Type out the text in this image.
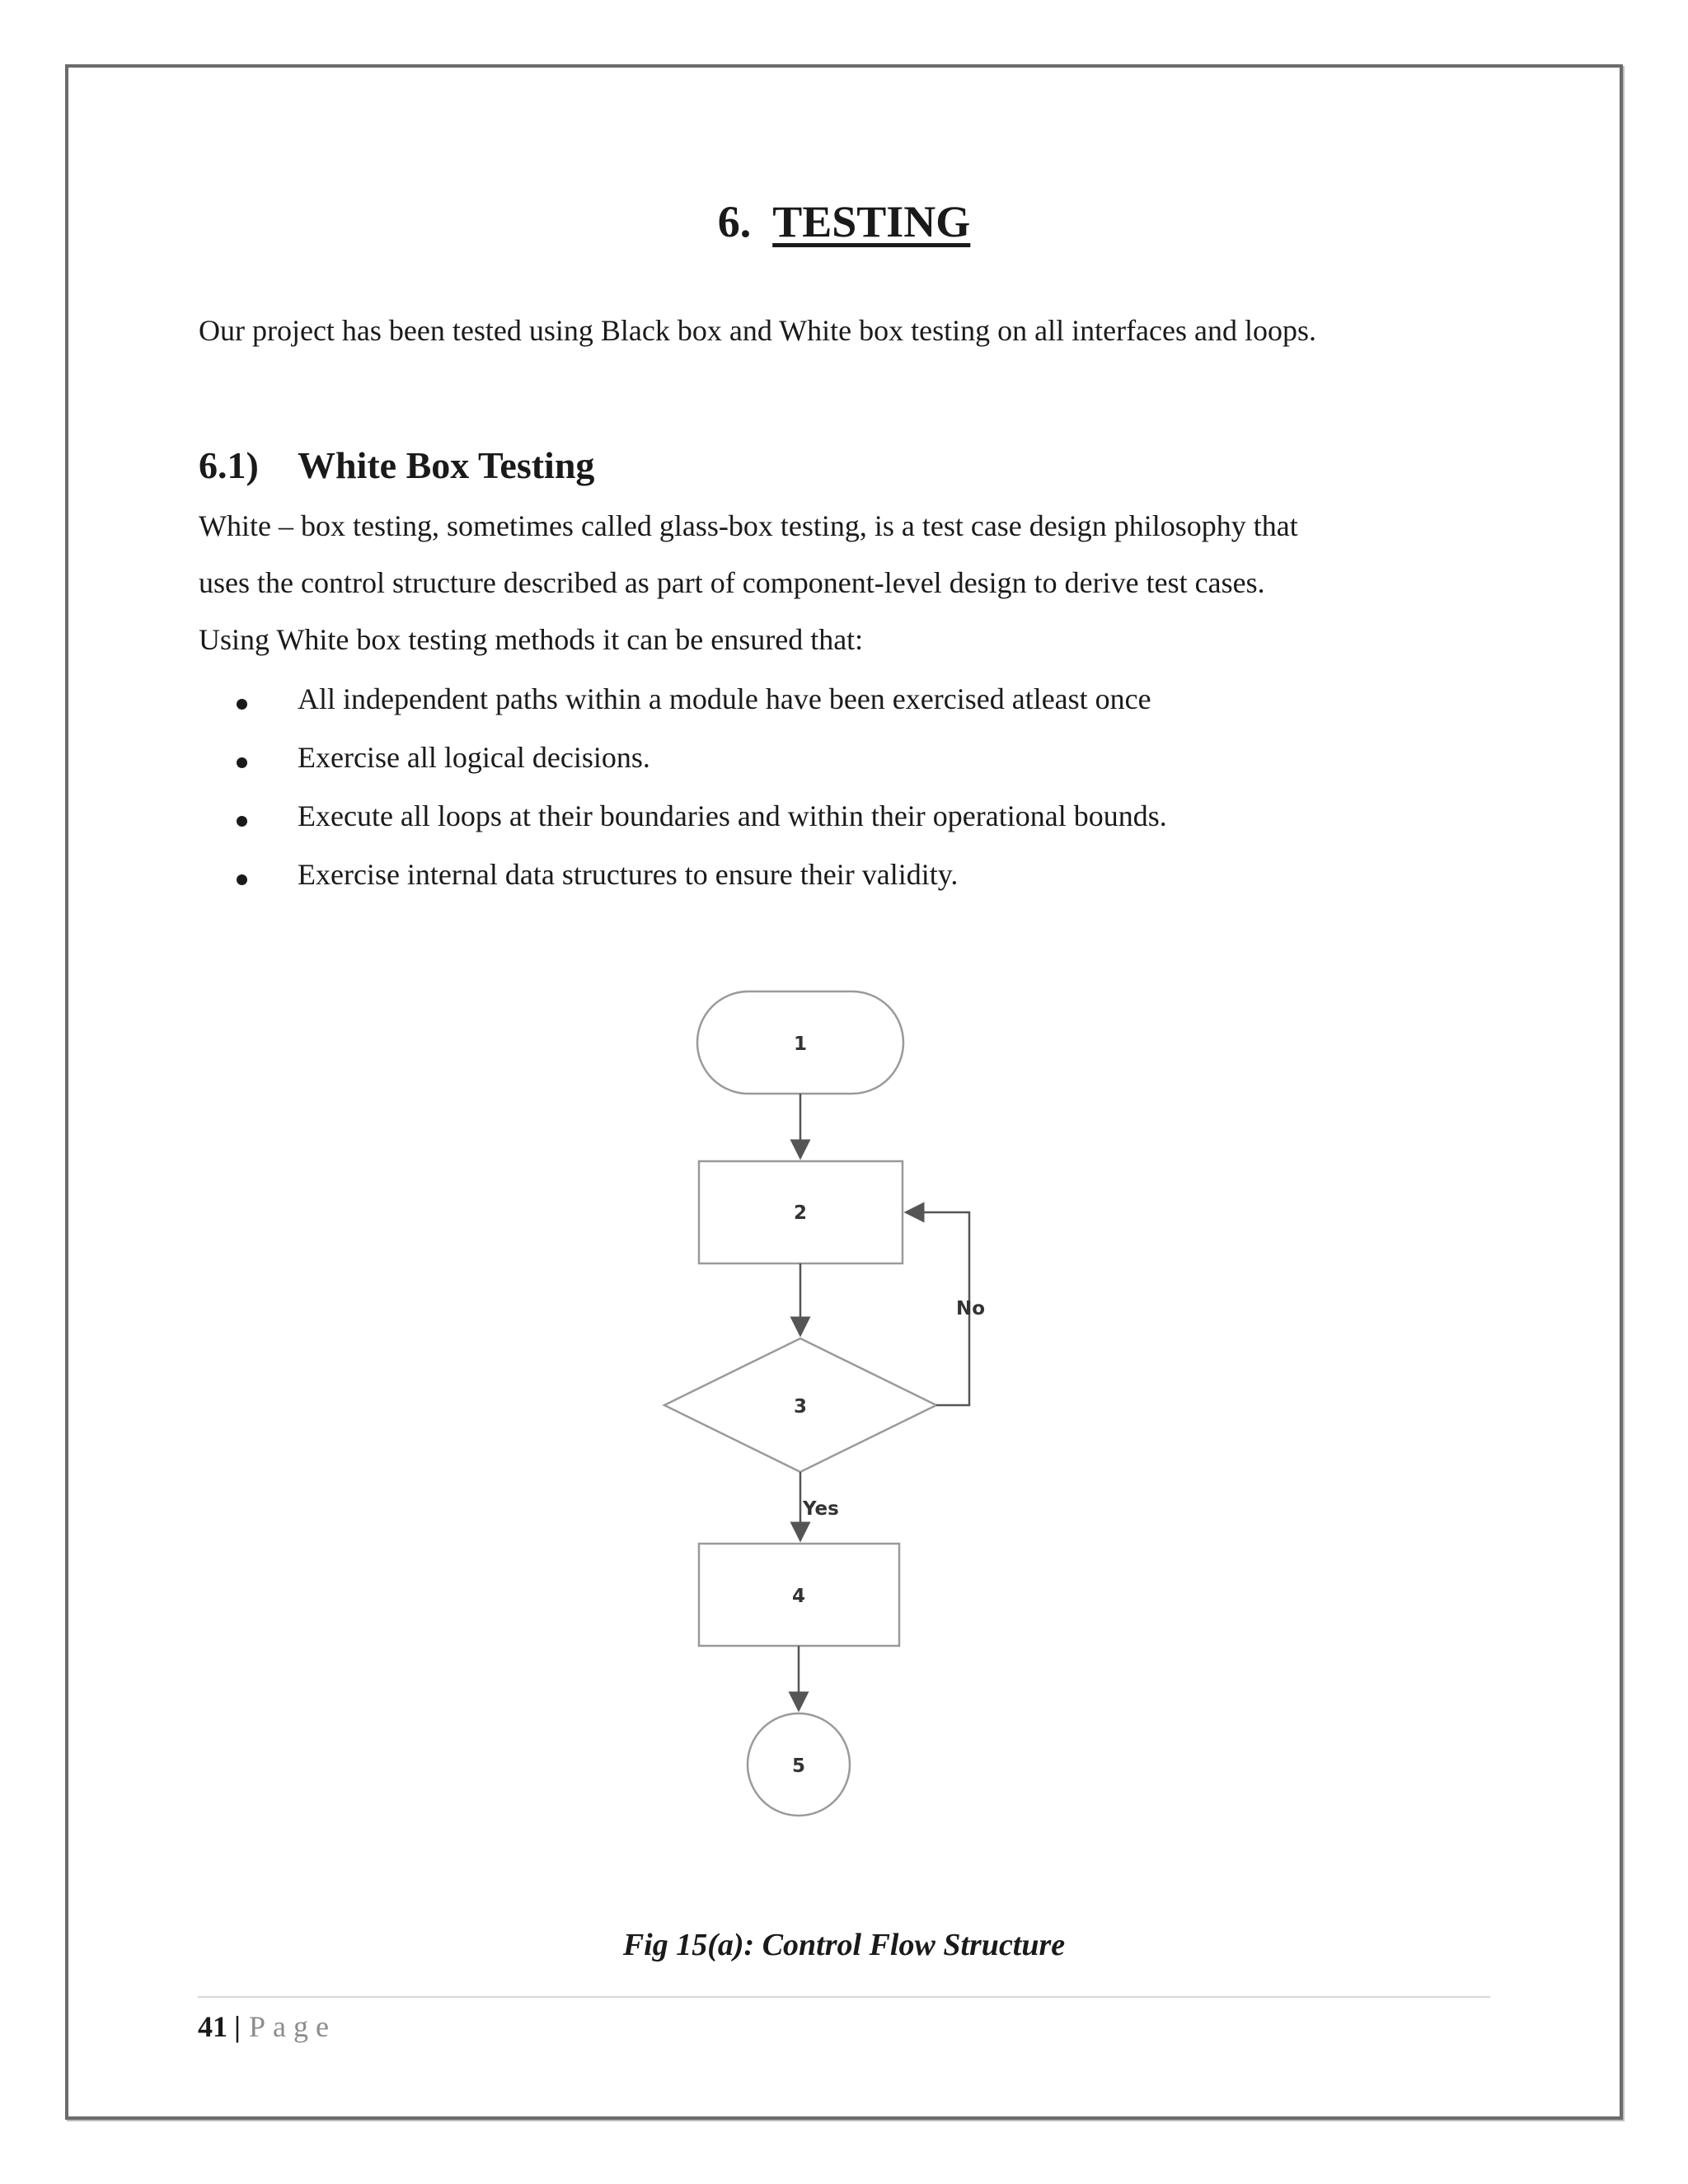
6. TESTING

Our project has been tested using Black box and White box testing on all interfaces and loops.

6.1) White Box Testing

White – box testing, sometimes called glass-box testing, is a test case design philosophy that

uses the control structure described as part of component-level design to derive test cases.

Using White box testing methods it can be ensured that:

All independent paths within a module have been exercised atleast once
Exercise all logical decisions.
Execute all loops at their boundaries and within their operational bounds.
Exercise internal data structures to ensure their validity.
1
2
3
4
5
No
Yes

Fig 15(a): Control Flow Structure

41 | Page
